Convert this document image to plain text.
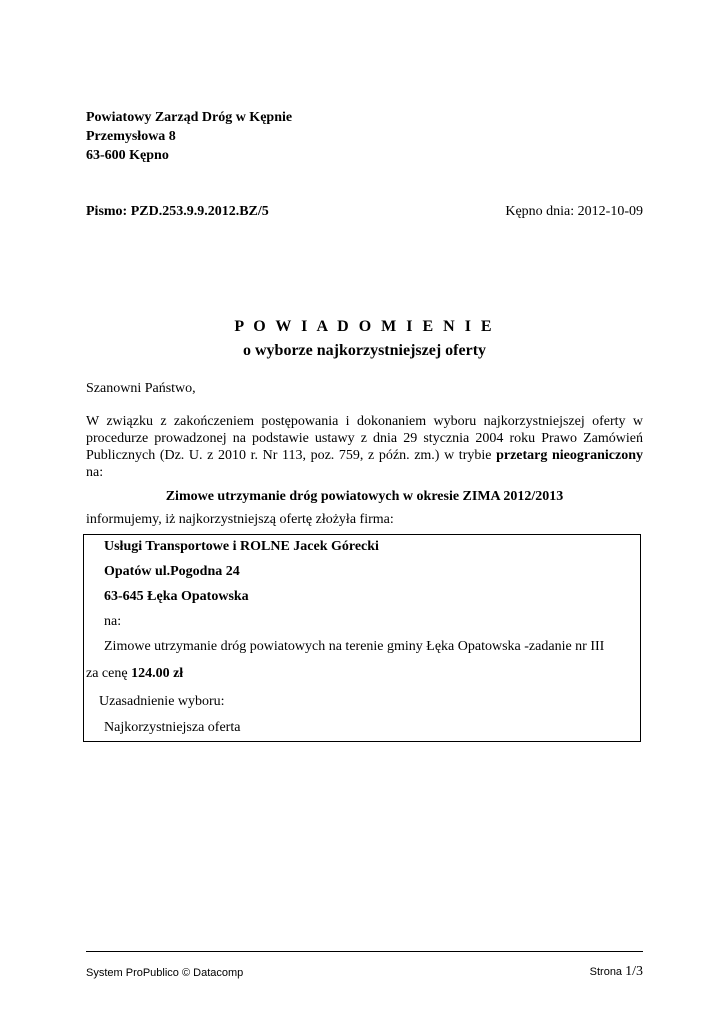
Powiatowy Zarząd Dróg w Kępnie
Przemysłowa 8
63-600 Kępno
Pismo: PZD.253.9.9.2012.BZ/5	Kępno dnia: 2012-10-09
P O W I A D O M I E N I E
o wyborze najkorzystniejszej oferty
Szanowni Państwo,
W związku z zakończeniem postępowania i dokonaniem wyboru najkorzystniejszej oferty w procedurze prowadzonej na podstawie ustawy z dnia 29 stycznia 2004 roku Prawo Zamówień Publicznych (Dz. U. z 2010 r. Nr 113, poz. 759, z późn. zm.) w trybie przetarg nieograniczony na:
Zimowe utrzymanie dróg powiatowych w okresie ZIMA 2012/2013
informujemy, iż najkorzystniejszą ofertę złożyła firma:
Usługi Transportowe i ROLNE Jacek Górecki
Opatów ul.Pogodna 24
63-645 Łęka Opatowska
na:
Zimowe utrzymanie dróg powiatowych na terenie gminy Łęka Opatowska -zadanie nr III
za cenę 124.00 zł
Uzasadnienie wyboru:
Najkorzystniejsza oferta
System ProPublico © Datacomp	Strona 1/3
